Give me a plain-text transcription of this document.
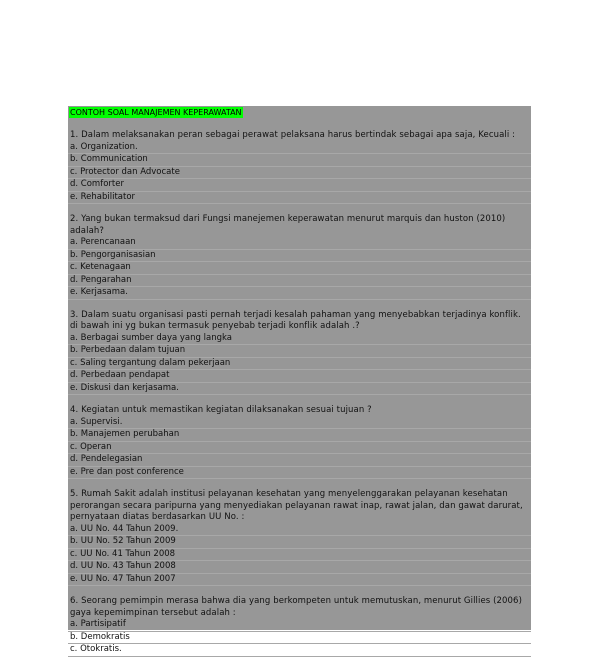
CONTOH SOAL MANAJEMEN KEPERAWATAN
1. Dalam melaksanakan peran sebagai perawat pelaksana harus bertindak sebagai apa saja, Kecuali :
a. Organization.
b. Communication
c. Protector dan Advocate
d. Comforter
e. Rehabilitator
2. Yang bukan termaksud dari Fungsi manejemen keperawatan menurut marquis dan huston (2010) adalah?
a. Perencanaan
b. Pengorganisasian
c. Ketenagaan
d. Pengarahan
e. Kerjasama.
3. Dalam suatu organisasi pasti pernah terjadi kesalah pahaman yang menyebabkan terjadinya konflik. di bawah ini yg bukan termasuk penyebab terjadi konflik adalah .?
a. Berbagai sumber daya yang langka
b. Perbedaan dalam tujuan
c. Saling tergantung dalam pekerjaan
d. Perbedaan pendapat
e. Diskusi dan kerjasama.
4. Kegiatan untuk memastikan kegiatan dilaksanakan sesuai tujuan ?
a. Supervisi.
b. Manajemen perubahan
c. Operan
d. Pendelegasian
e. Pre dan post conference
5. Rumah Sakit adalah institusi pelayanan kesehatan yang menyelenggarakan pelayanan kesehatan perorangan secara paripurna yang menyediakan pelayanan rawat inap, rawat jalan, dan gawat darurat, pernyataan diatas berdasarkan UU No. :
a. UU No. 44 Tahun 2009.
b. UU No. 52 Tahun 2009
c. UU No. 41 Tahun 2008
d. UU No. 43 Tahun 2008
e. UU No. 47 Tahun 2007
6. Seorang pemimpin merasa bahwa dia yang berkompeten untuk memutuskan, menurut Gillies (2006) gaya kepemimpinan tersebut adalah :
a. Partisipatif
b. Demokratis
c. Otokratis.
